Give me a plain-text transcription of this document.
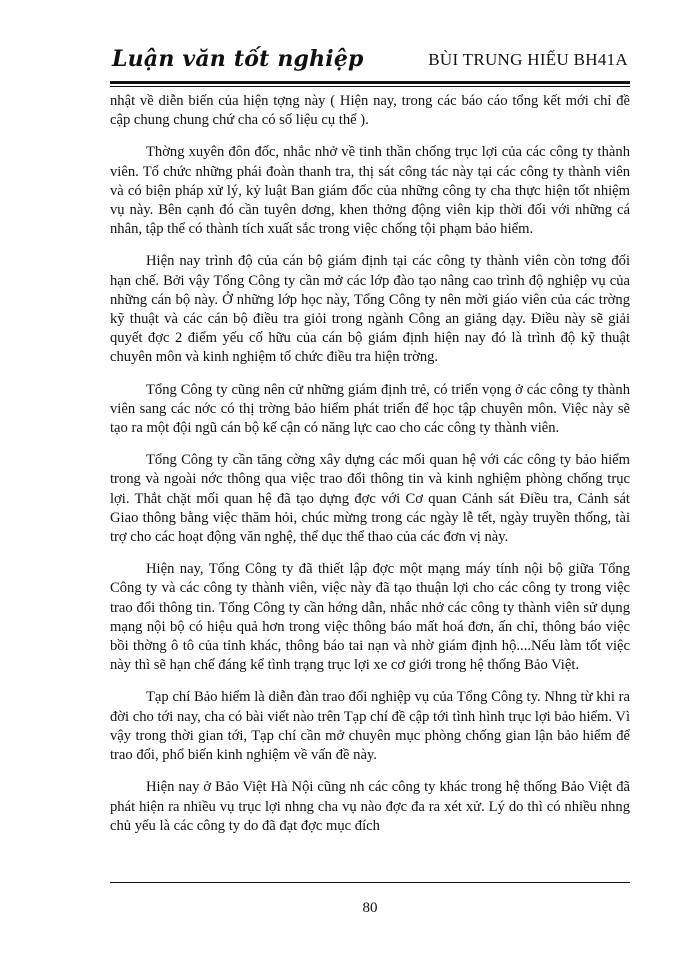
Luận văn tốt nghiệp	BÙI TRUNG HIẾU BH41A

nhật về diễn biến của hiện tợng này ( Hiện nay, trong các báo cáo tổng kết mới chỉ đề cập chung chung chứ cha có số liệu cụ thể ).

Thờng xuyên đôn đốc, nhắc nhở về tinh thần chống trục lợi của các công ty thành viên. Tổ chức những phái đoàn thanh tra, thị sát công tác này tại các công ty thành viên và có biện pháp xử lý, kỷ luật Ban giám đốc của những công ty cha thực hiện tốt nhiệm vụ này. Bên cạnh đó cần tuyên dơng, khen thởng động viên kịp thời đối với những cá nhân, tập thể có thành tích xuất sắc trong việc chống tội phạm bảo hiểm.

Hiện nay trình độ của cán bộ giám định tại các công ty thành viên còn tơng đối hạn chế. Bởi vậy Tổng Công ty cần mở các lớp đào tạo nâng cao trình độ nghiệp vụ của những cán bộ này. Ở những lớp học này, Tổng Công ty nên mời giáo viên của các trờng kỹ thuật và các cán bộ điều tra giỏi trong ngành Công an giảng dạy. Điều này sẽ giải quyết đợc 2 điểm yếu cố hữu của cán bộ giám định hiện nay đó là trình độ kỹ thuật chuyên môn và kinh nghiệm tổ chức điều tra hiện trờng.

Tổng Công ty cũng nên cử những giám định trẻ, có triển vọng ở các công ty thành viên sang các nớc có thị trờng bảo hiểm phát triển để học tập chuyên môn. Việc này sẽ tạo ra một đội ngũ cán bộ kế cận có năng lực cao cho các công ty thành viên.

Tổng Công ty cần tăng cờng xây dựng các mối quan hệ với các công ty bảo hiểm trong và ngoài nớc thông qua việc trao đổi thông tin và kinh nghiệm phòng chống trục lợi. Thắt chặt mối quan hệ đã tạo dựng đợc với Cơ quan Cảnh sát Điều tra, Cảnh sát Giao thông bằng việc thăm hỏi, chúc mừng trong các ngày lễ tết, ngày truyền thống, tài trợ cho các hoạt động văn nghệ, thể dục thể thao của các đơn vị này.

Hiện nay, Tổng Công ty đã thiết lập đợc một mạng máy tính nội bộ giữa Tổng Công ty và các công ty thành viên, việc này đã tạo thuận lợi cho các công ty trong việc trao đổi thông tin. Tổng Công ty cần hớng dẫn, nhắc nhở các công ty thành viên sử dụng mạng nội bộ có hiệu quả hơn trong việc thông báo mất hoá đơn, ấn chỉ, thông báo việc bồi thờng ô tô của tỉnh khác, thông báo tai nạn và nhờ giám định hộ....Nếu làm tốt việc này thì sẽ hạn chế đáng kể tình trạng trục lợi xe cơ giới trong hệ thống Bảo Việt.

Tạp chí Bảo hiểm là diễn đàn trao đổi nghiệp vụ của Tổng Công ty. Nhng từ khi ra đời cho tới nay, cha có bài viết nào trên Tạp chí đề cập tới tình hình trục lợi bảo hiểm. Vì vậy trong thời gian tới, Tạp chí cần mở chuyên mục phòng chống gian lận bảo hiểm để trao đổi, phổ biến kinh nghiệm về vấn đề này.

Hiện nay ở Bảo Việt Hà Nội cũng nh các công ty khác trong hệ thống Bảo Việt đã phát hiện ra nhiều vụ trục lợi nhng cha vụ nào đợc đa ra xét xử. Lý do thì có nhiều nhng chủ yếu là các công ty do đã đạt đợc mục đích

80
